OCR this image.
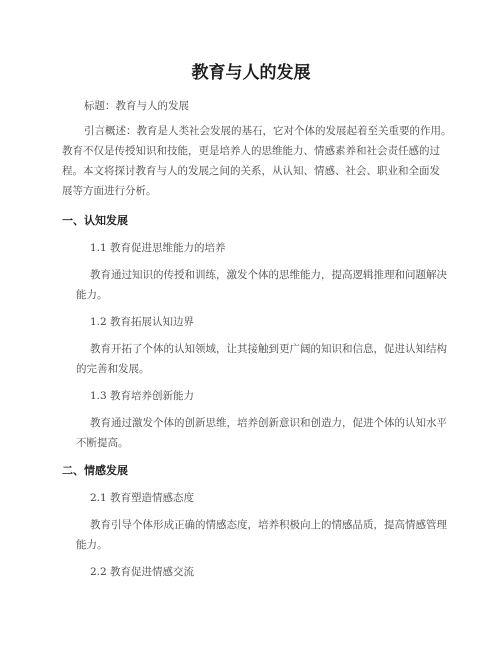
教育与人的发展
标题：教育与人的发展
引言概述：教育是人类社会发展的基石，它对个体的发展起着至关重要的作用。
教育不仅是传授知识和技能，更是培养人的思维能力、情感素养和社会责任感的过
程。本文将探讨教育与人的发展之间的关系，从认知、情感、社会、职业和全面发
展等方面进行分析。
一、认知发展
1.1 教育促进思维能力的培养
教育通过知识的传授和训练，激发个体的思维能力，提高逻辑推理和问题解决
能力。
1.2 教育拓展认知边界
教育开拓了个体的认知领域，让其接触到更广阔的知识和信息，促进认知结构
的完善和发展。
1.3 教育培养创新能力
教育通过激发个体的创新思维，培养创新意识和创造力，促进个体的认知水平
不断提高。
二、情感发展
2.1 教育塑造情感态度
教育引导个体形成正确的情感态度，培养积极向上的情感品质，提高情感管理
能力。
2.2 教育促进情感交流
